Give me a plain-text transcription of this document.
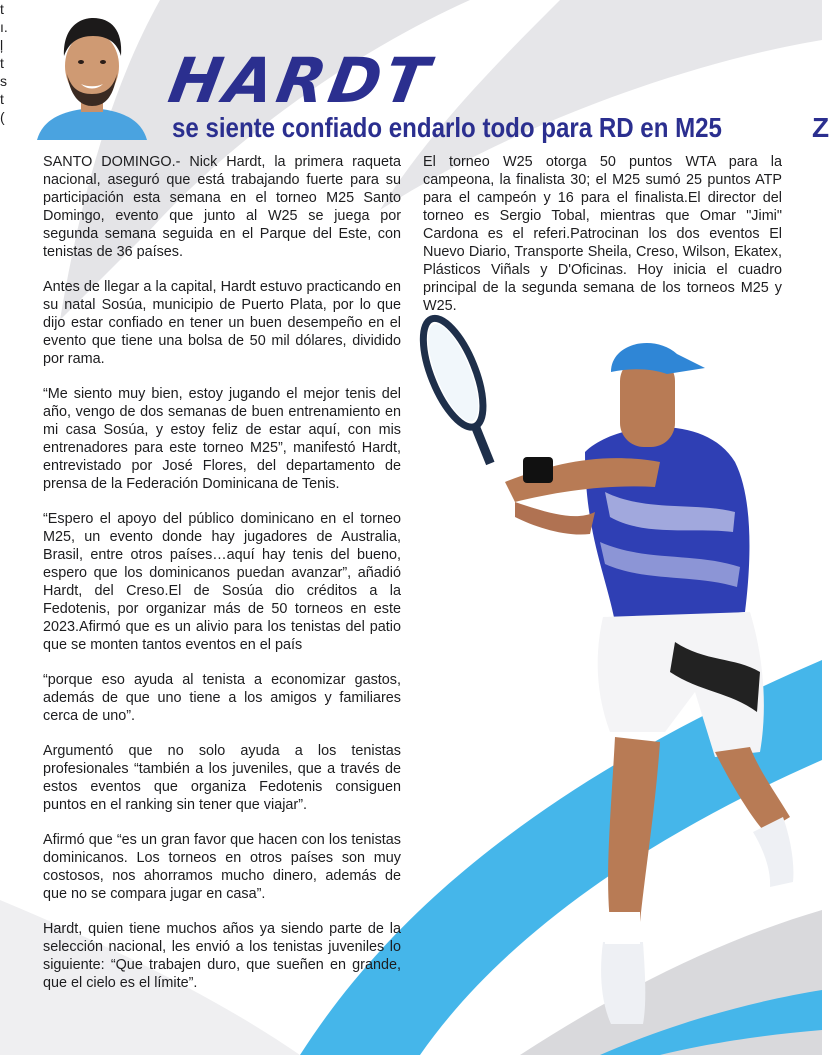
HARDT
se siente confiado endarlo todo para RD en M25	Z

SANTO DOMINGO.- Nick Hardt, la primera raqueta nacional, aseguró que está trabajando fuerte para su participación esta semana en el torneo M25 Santo Domingo, evento que junto al W25 se juega por segunda semana seguida en el Parque del Este, con tenistas de 36 países.

Antes de llegar a la capital, Hardt estuvo practicando en su natal Sosúa, municipio de Puerto Plata, por lo que dijo estar confiado en tener un buen desempeño en el evento que tiene una bolsa de 50 mil dólares, dividido por rama.

“Me siento muy bien, estoy jugando el mejor tenis del año, vengo de dos semanas de buen entrenamiento en mi casa Sosúa, y estoy feliz de estar aquí, con mis entrenadores para este torneo M25”, manifestó Hardt, entrevistado por José Flores, del departamento de prensa de la Federación Dominicana de Tenis.

“Espero el apoyo del público dominicano en el torneo M25, un evento donde hay jugadores de Australia, Brasil, entre otros países…aquí hay tenis del bueno, espero que los dominicanos puedan avanzar”, añadió Hardt, del Creso.El de Sosúa dio créditos a la Fedotenis, por organizar más de 50 torneos en este 2023.Afirmó que es un alivio para los tenistas del patio que se monten tantos eventos en el país

“porque eso ayuda al tenista a economizar gastos, además de que uno tiene a los amigos y familiares cerca de uno”.

Argumentó que no solo ayuda a los tenistas profesionales “también a los juveniles, que a través de estos eventos que organiza Fedotenis consiguen puntos en el ranking sin tener que viajar”.

Afirmó que “es un gran favor que hacen con los tenistas dominicanos. Los torneos en otros países son muy costosos, nos ahorramos mucho dinero, además de que no se compara jugar en casa”.

Hardt, quien tiene muchos años ya siendo parte de la selección nacional, les envió a los tenistas juveniles lo siguiente: “Que trabajen duro, que sueñen en grande, que el cielo es el límite”.

El torneo W25 otorga 50 puntos WTA para la campeona, la finalista 30; el M25 sumó 25 puntos ATP para el campeón y 16 para el finalista.El director del torneo es Sergio Tobal, mientras que Omar "Jimi" Cardona es el referi.Patrocinan los dos eventos El Nuevo Diario, Transporte Sheila, Creso, Wilson, Ekatex, Plásticos Viñals y D'Oficinas. Hoy inicia el cuadro principal de la segunda semana de los torneos M25 y W25.

t
ı.
ļ
t
s
t
(
